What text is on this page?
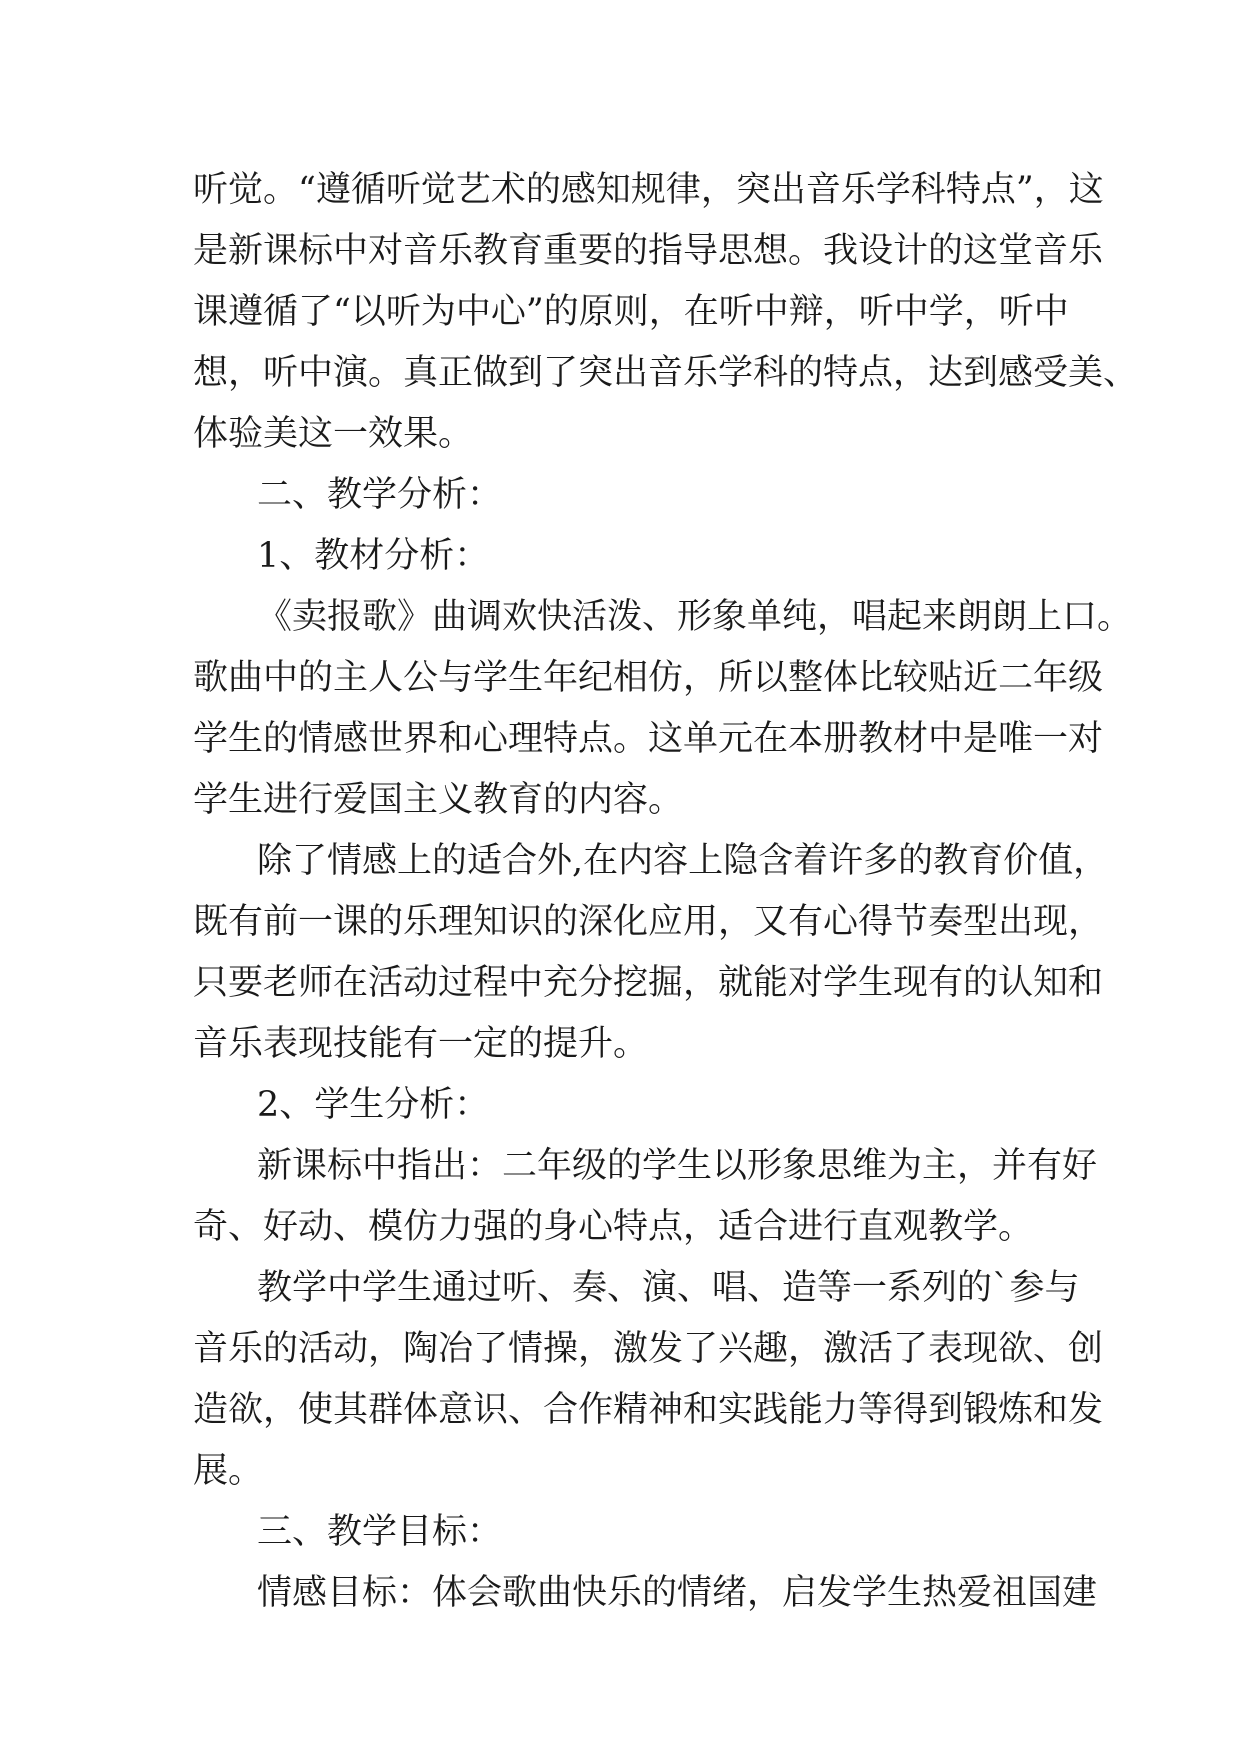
听觉。“遵循听觉艺术的感知规律，突出音乐学科特点”，这
是新课标中对音乐教育重要的指导思想。我设计的这堂音乐
课遵循了“以听为中心”的原则，在听中辩，听中学，听中
想，听中演。真正做到了突出音乐学科的特点，达到感受美、
体验美这一效果。
二、教学分析：
1、教材分析：
《卖报歌》曲调欢快活泼、形象单纯，唱起来朗朗上口。
歌曲中的主人公与学生年纪相仿，所以整体比较贴近二年级
学生的情感世界和心理特点。这单元在本册教材中是唯一对
学生进行爱国主义教育的内容。
除了情感上的适合外,在内容上隐含着许多的教育价值，
既有前一课的乐理知识的深化应用，又有心得节奏型出现，
只要老师在活动过程中充分挖掘，就能对学生现有的认知和
音乐表现技能有一定的提升。
2、学生分析：
新课标中指出：二年级的学生以形象思维为主，并有好
奇、好动、模仿力强的身心特点，适合进行直观教学。
教学中学生通过听、奏、演、唱、造等一系列的`参与
音乐的活动，陶冶了情操，激发了兴趣，激活了表现欲、创
造欲，使其群体意识、合作精神和实践能力等得到锻炼和发
展。
三、教学目标：
情感目标：体会歌曲快乐的情绪，启发学生热爱祖国建
